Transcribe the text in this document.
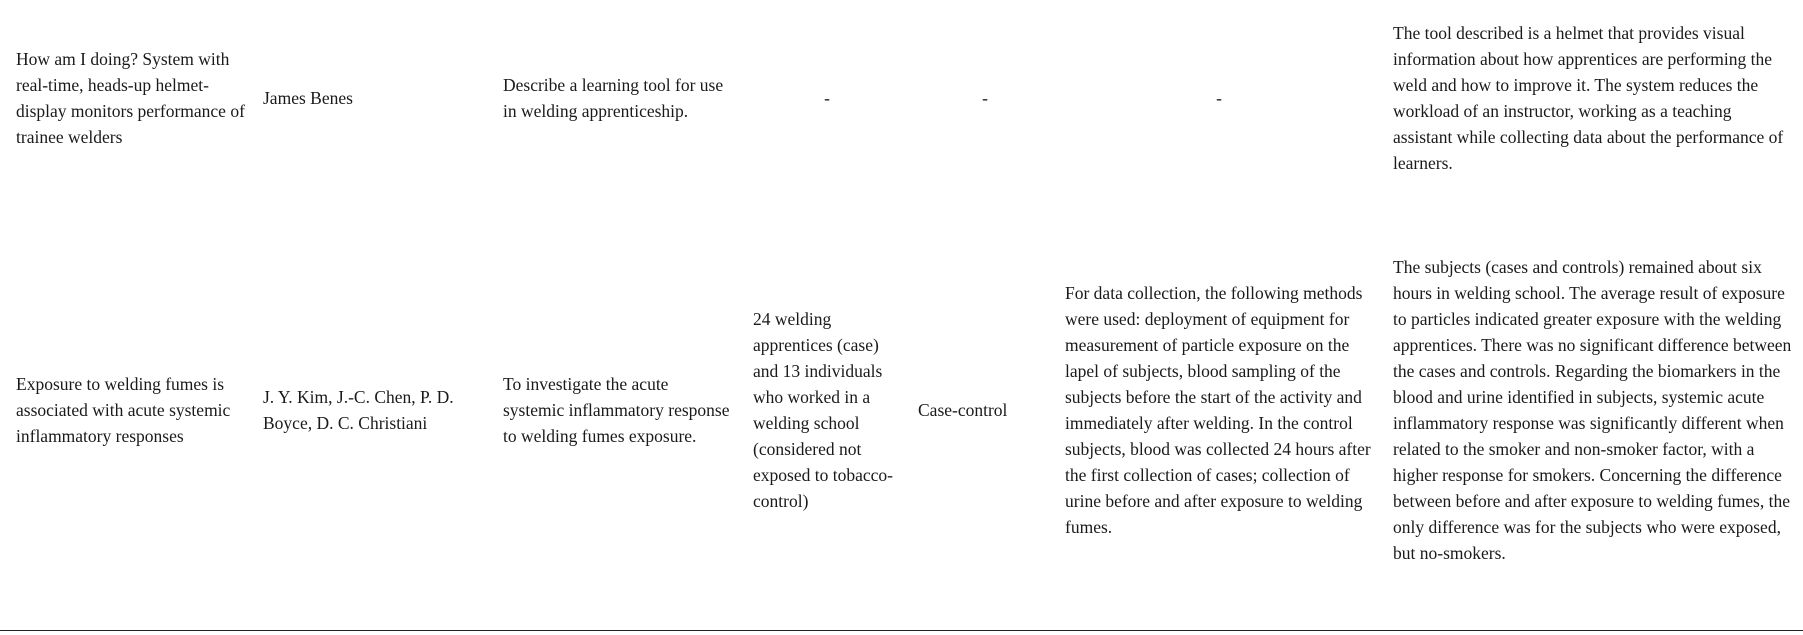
How am I doing? System with real-time, heads-up helmet-display monitors performance of trainee welders

James Benes

Describe a learning tool for use in welding apprenticeship.

-	-	-

The tool described is a helmet that provides visual information about how apprentices are performing the weld and how to improve it. The system reduces the workload of an instructor, working as a teaching assistant while collecting data about the performance of learners.

Exposure to welding fumes is associated with acute systemic inflammatory responses

J. Y. Kim, J.-C. Chen, P. D. Boyce, D. C. Christiani

To investigate the acute systemic inflammatory response to welding fumes exposure.

24 welding apprentices (case) and 13 individuals who worked in a welding school (considered not exposed to tobacco-control)

Case-control

For data collection, the following methods were used: deployment of equipment for measurement of particle exposure on the lapel of subjects, blood sampling of the subjects before the start of the activity and immediately after welding. In the control subjects, blood was collected 24 hours after the first collection of cases; collection of urine before and after exposure to welding fumes.

The subjects (cases and controls) remained about six hours in welding school. The average result of exposure to particles indicated greater exposure with the welding apprentices. There was no significant difference between the cases and controls. Regarding the biomarkers in the blood and urine identified in subjects, systemic acute inflammatory response was significantly different when related to the smoker and non-smoker factor, with a higher response for smokers. Concerning the difference between before and after exposure to welding fumes, the only difference was for the subjects who were exposed, but no-smokers.
